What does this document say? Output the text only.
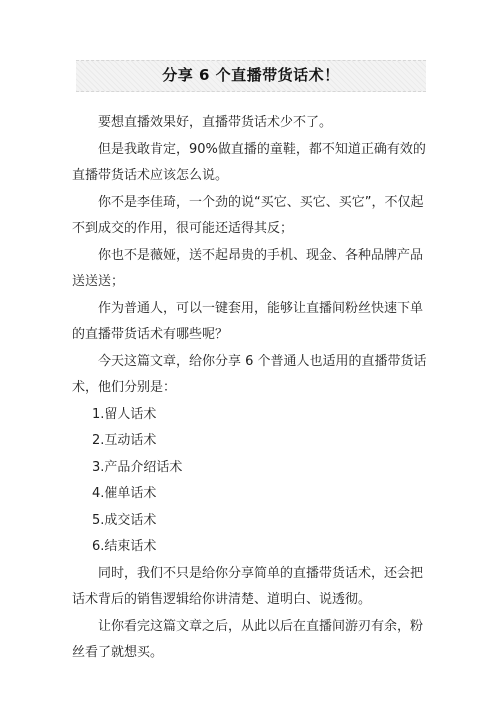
分享 6 个直播带货话术！

要想直播效果好，直播带货话术少不了。

但是我敢肯定，90%做直播的童鞋，都不知道正确有效的直播带货话术应该怎么说。

你不是李佳琦，一个劲的说“买它、买它、买它”，不仅起不到成交的作用，很可能还适得其反；

你也不是薇娅，送不起昂贵的手机、现金、各种品牌产品送送送；

作为普通人，可以一键套用，能够让直播间粉丝快速下单的直播带货话术有哪些呢？

今天这篇文章，给你分享 6 个普通人也适用的直播带货话术，他们分别是：

1.留人话术

2.互动话术

3.产品介绍话术

4.催单话术

5.成交话术

6.结束话术

同时，我们不只是给你分享简单的直播带货话术，还会把话术背后的销售逻辑给你讲清楚、道明白、说透彻。

让你看完这篇文章之后，从此以后在直播间游刃有余，粉丝看了就想买。
